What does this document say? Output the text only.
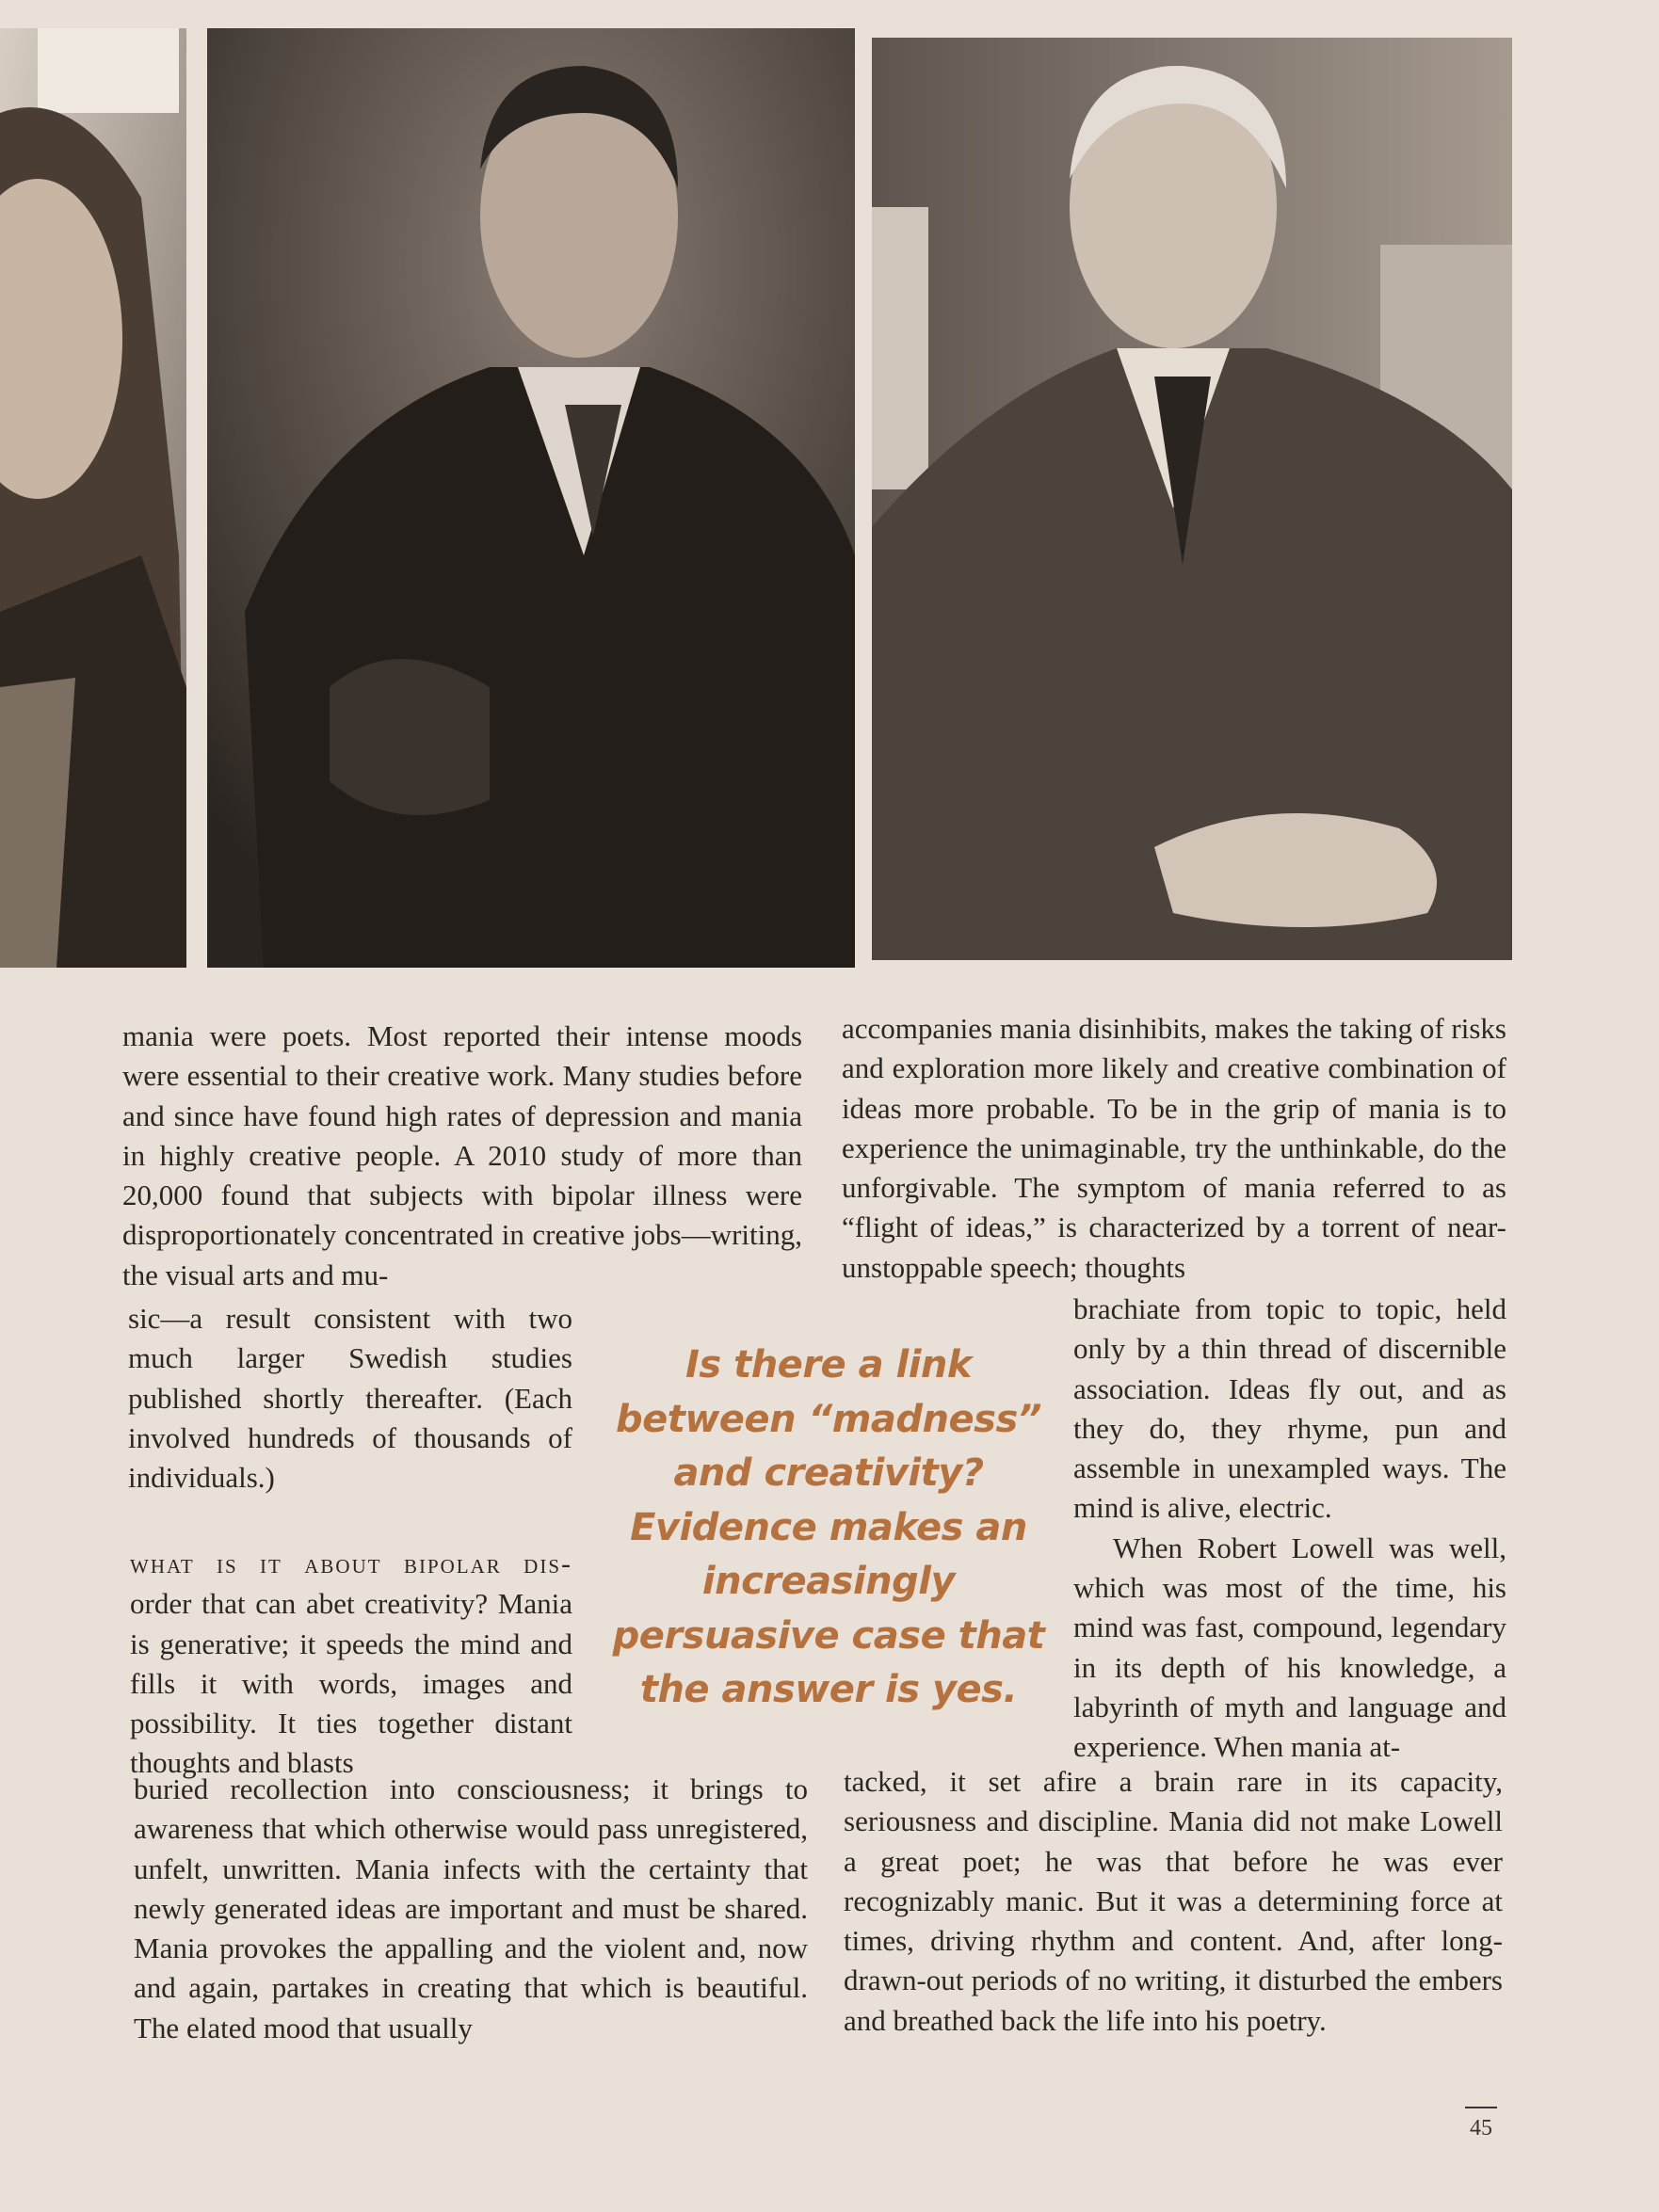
mania were poets. Most reported their intense moods were essential to their creative work. Many studies before and since have found high rates of depression and mania in highly creative people. A 2010 study of more than 20,000 found that subjects with bipolar illness were disproportionately concentrated in creative jobs—writing, the visual arts and mu-

sic—a result consistent with two much larger Swedish studies published shortly thereafter. (Each involved hundreds of thousands of individuals.)

what is it about bipolar dis- order that can abet creativity? Mania is generative; it speeds the mind and fills it with words, images and possibility. It ties together distant thoughts and blasts

buried recollection into consciousness; it brings to awareness that which otherwise would pass unregistered, unfelt, unwritten. Mania infects with the certainty that newly generated ideas are important and must be shared. Mania provokes the appalling and the violent and, now and again, partakes in creating that which is beautiful. The elated mood that usually

accompanies mania disinhibits, makes the taking of risks and exploration more likely and creative combination of ideas more probable. To be in the grip of mania is to experience the unimaginable, try the unthinkable, do the unforgivable. The symptom of mania referred to as “flight of ideas,” is characterized by a torrent of near-unstoppable speech; thoughts

brachiate from topic to topic, held only by a thin thread of discernible association. Ideas fly out, and as they do, they rhyme, pun and assemble in unexampled ways. The mind is alive, electric.

When Robert Lowell was well, which was most of the time, his mind was fast, compound, legendary in its depth of his knowledge, a labyrinth of myth and language and experience. When mania at-

tacked, it set afire a brain rare in its capacity, seriousness and discipline. Mania did not make Lowell a great poet; he was that before he was ever recognizably manic. But it was a determining force at times, driving rhythm and content. And, after long-drawn-out periods of no writing, it disturbed the embers and breathed back the life into his poetry.

Is there a link between “madness” and creativity? Evidence makes an increasingly persuasive case that the answer is yes.
45
